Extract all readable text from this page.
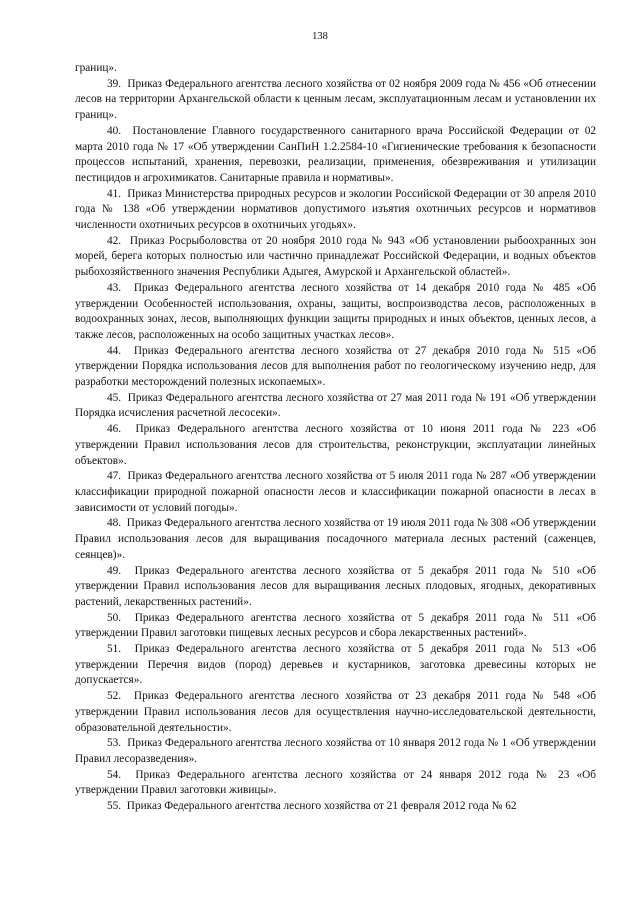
138

границ».

39. Приказ Федерального агентства лесного хозяйства от 02 ноября 2009 года № 456 «Об отнесении лесов на территории Архангельской области к ценным лесам, эксплуатационным лесам и установлении их границ».

40. Постановление Главного государственного санитарного врача Российской Федерации от 02 марта 2010 года № 17 «Об утверждении СанПиН 1.2.2584-10 «Гигиенические требования к безопасности процессов испытаний, хранения, перевозки, реализации, применения, обезвреживания и утилизации пестицидов и агрохимикатов. Санитарные правила и нормативы».

41. Приказ Министерства природных ресурсов и экологии Российской Федерации от 30 апреля 2010 года № 138 «Об утверждении нормативов допустимого изъятия охотничьих ресурсов и нормативов численности охотничьих ресурсов в охотничьих угодьях».

42. Приказ Росрыболовства от 20 ноября 2010 года № 943 «Об установлении рыбоохранных зон морей, берега которых полностью или частично принадлежат Российской Федерации, и водных объектов рыбохозяйственного значения Республики Адыгея, Амурской и Архангельской областей».

43. Приказ Федерального агентства лесного хозяйства от 14 декабря 2010 года № 485 «Об утверждении Особенностей использования, охраны, защиты, воспроизводства лесов, расположенных в водоохранных зонах, лесов, выполняющих функции защиты природных и иных объектов, ценных лесов, а также лесов, расположенных на особо защитных участках лесов».

44. Приказ Федерального агентства лесного хозяйства от 27 декабря 2010 года № 515 «Об утверждении Порядка использования лесов для выполнения работ по геологическому изучению недр, для разработки месторождений полезных ископаемых».

45. Приказ Федерального агентства лесного хозяйства от 27 мая 2011 года № 191 «Об утверждении Порядка исчисления расчетной лесосеки».

46. Приказ Федерального агентства лесного хозяйства от 10 июня 2011 года № 223 «Об утверждении Правил использования лесов для строительства, реконструкции, эксплуатации линейных объектов».

47. Приказ Федерального агентства лесного хозяйства от 5 июля 2011 года № 287 «Об утверждении классификации природной пожарной опасности лесов и классификации пожарной опасности в лесах в зависимости от условий погоды».

48. Приказ Федерального агентства лесного хозяйства от 19 июля 2011 года № 308 «Об утверждении Правил использования лесов для выращивания посадочного материала лесных растений (саженцев, сеянцев)».

49. Приказ Федерального агентства лесного хозяйства от 5 декабря 2011 года № 510 «Об утверждении Правил использования лесов для выращивания лесных плодовых, ягодных, декоративных растений, лекарственных растений».

50. Приказ Федерального агентства лесного хозяйства от 5 декабря 2011 года № 511 «Об утверждении Правил заготовки пищевых лесных ресурсов и сбора лекарственных растений».

51. Приказ Федерального агентства лесного хозяйства от 5 декабря 2011 года № 513 «Об утверждении Перечня видов (пород) деревьев и кустарников, заготовка древесины которых не допускается».

52. Приказ Федерального агентства лесного хозяйства от 23 декабря 2011 года № 548 «Об утверждении Правил использования лесов для осуществления научно-исследовательской деятельности, образовательной деятельности».

53. Приказ Федерального агентства лесного хозяйства от 10 января 2012 года № 1 «Об утверждении Правил лесоразведения».

54. Приказ Федерального агентства лесного хозяйства от 24 января 2012 года № 23 «Об утверждении Правил заготовки живицы».

55. Приказ Федерального агентства лесного хозяйства от 21 февраля 2012 года № 62
